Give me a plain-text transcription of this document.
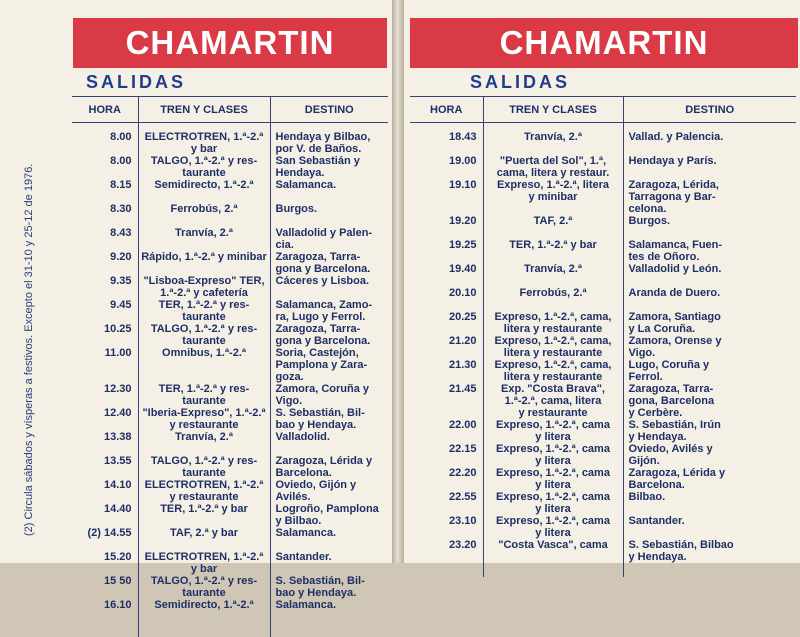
CHAMARTIN
SALIDAS
(2) Circula sábados y vísperas a festivos. Excepto el 31-10 y 25-12 de 1976.
HORA	TREN Y CLASES	DESTINO

8.00	ELECTROTREN, 1.ª-2.ª
y bar	Hendaya y Bilbao,
por V. de Baños.
8.00	TALGO, 1.ª-2.ª y res-
taurante	San Sebastián y
Hendaya.
8.15	Semidirecto, 1.ª-2.ª	Salamanca.
8.30	Ferrobús, 2.ª	Burgos.
8.43	Tranvía, 2.ª	Valladolid y Palen-
cia.
9.20	Rápido, 1.ª-2.ª y minibar	Zaragoza, Tarra-
gona y Barcelona.
9.35	"Lisboa-Expreso" TER,
1.ª-2.ª y cafetería	Cáceres y Lisboa.
9.45	TER, 1.ª-2.ª y res-
taurante	Salamanca, Zamo-
ra, Lugo y Ferrol.
10.25	TALGO, 1.ª-2.ª y res-
taurante	Zaragoza, Tarra-
gona y Barcelona.
11.00	Omnibus, 1.ª-2.ª	Soria, Castejón,
Pamplona y Zara-
goza.
12.30	TER, 1.ª-2.ª y res-
taurante	Zamora, Coruña y
Vigo.
12.40	"Iberia-Expreso", 1.ª-2.ª
y restaurante	S. Sebastián, Bil-
bao y Hendaya.
13.38	Tranvía, 2.ª	Valladolid.
13.55	TALGO, 1.ª-2.ª y res-
taurante	Zaragoza, Lérida y
Barcelona.
14.10	ELECTROTREN, 1.ª-2.ª
y restaurante	Oviedo, Gijón y
Avilés.
14.40	TER, 1.ª-2.ª y bar	Logroño, Pamplona
y Bilbao.
(2) 14.55	TAF, 2.ª y bar	Salamanca.
15.20	ELECTROTREN, 1.ª-2.ª
y bar	Santander.
15 50	TALGO, 1.ª-2.ª y res-
taurante	S. Sebastián, Bil-
bao y Hendaya.
16.10	Semidirecto, 1.ª-2.ª	Salamanca.

CHAMARTIN
SALIDAS
HORA	TREN Y CLASES	DESTINO

18.43	Tranvía, 2.ª	Vallad. y Palencia.
19.00	"Puerta del Sol", 1.ª,
cama, litera y restaur.	Hendaya y París.
19.10	Expreso, 1.ª-2.ª, litera
y minibar	Zaragoza, Lérida,
Tarragona y Bar-
celona.
19.20	TAF, 2.ª	Burgos.
19.25	TER, 1.ª-2.ª y bar	Salamanca, Fuen-
tes de Oñoro.
19.40	Tranvía, 2.ª	Valladolid y León.
20.10	Ferrobús, 2.ª	Aranda de Duero.
20.25	Expreso, 1.ª-2.ª, cama,
litera y restaurante	Zamora, Santiago
y La Coruña.
21.20	Expreso, 1.ª-2.ª, cama,
litera y restaurante	Zamora, Orense y
Vigo.
21.30	Expreso, 1.ª-2.ª, cama,
litera y restaurante	Lugo, Coruña y
Ferrol.
21.45	Exp. "Costa Brava",
1.ª-2.ª, cama, litera
y restaurante	Zaragoza, Tarra-
gona, Barcelona
y Cerbère.
22.00	Expreso, 1.ª-2.ª, cama
y litera	S. Sebastián, Irún
y Hendaya.
22.15	Expreso, 1.ª-2.ª, cama
y litera	Oviedo, Avilés y
Gijón.
22.20	Expreso, 1.ª-2.ª, cama
y litera	Zaragoza, Lérida y
Barcelona.
22.55	Expreso, 1.ª-2.ª, cama
y litera	Bilbao.
23.10	Expreso, 1.ª-2.ª, cama
y litera	Santander.
23.20	"Costa Vasca", cama	S. Sebastián, Bilbao
y Hendaya.
